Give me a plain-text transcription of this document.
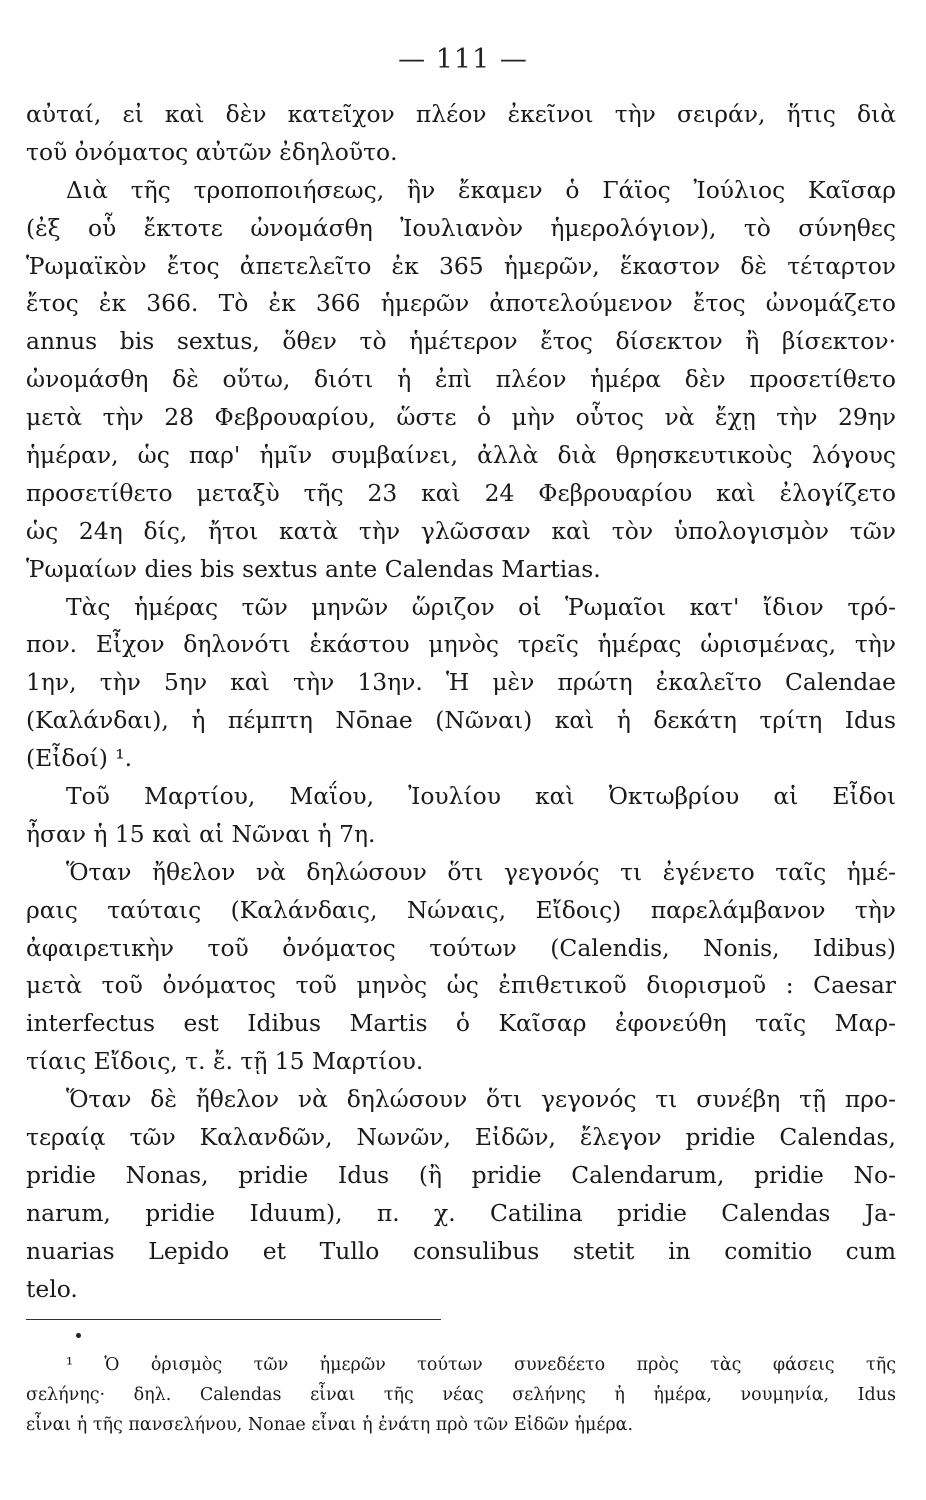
— 111 —
αὐταί, εἰ καὶ δὲν κατεῖχον πλέον ἐκεῖνοι τὴν σειράν, ἥτις διὰ
τοῦ ὀνόματος αὐτῶν ἐδηλοῦτο.
Διὰ τῆς τροποποιήσεως, ἣν ἔκαμεν ὁ Γάϊος Ἰούλιος Καῖσαρ
(ἐξ οὗ ἔκτοτε ὠνομάσθη Ἰουλιανὸν ἡμερολόγιον), τὸ σύνηθες
Ῥωμαϊκὸν ἔτος ἀπετελεῖτο ἐκ 365 ἡμερῶν, ἕκαστον δὲ τέταρτον
ἔτος ἐκ 366. Τὸ ἐκ 366 ἡμερῶν ἀποτελούμενον ἔτος ὠνομάζετο
annus bis sextus, ὅθεν τὸ ἡμέτερον ἔτος δίσεκτον ἢ βίσεκτον·
ὠνομάσθη δὲ οὕτω, διότι ἡ ἐπὶ πλέον ἡμέρα δὲν προσετίθετο
μετὰ τὴν 28 Φεβρουαρίου, ὥστε ὁ μὴν οὗτος νὰ ἔχῃ τὴν 29ην
ἡμέραν, ὡς παρ' ἡμῖν συμβαίνει, ἀλλὰ διὰ θρησκευτικοὺς λόγους
προσετίθετο μεταξὺ τῆς 23 καὶ 24 Φεβρουαρίου καὶ ἐλογίζετο
ὡς 24η δίς, ἤτοι κατὰ τὴν γλῶσσαν καὶ τὸν ὑπολογισμὸν τῶν
Ῥωμαίων dies bis sextus ante Calendas Martias.
Τὰς ἡμέρας τῶν μηνῶν ὥριζον οἱ Ῥωμαῖοι κατ' ἴδιον τρό-
πον. Εἶχον δηλονότι ἑκάστου μηνὸς τρεῖς ἡμέρας ὡρισμένας, τὴν
1ην, τὴν 5ην καὶ τὴν 13ην. Ἡ μὲν πρώτη ἐκαλεῖτο Calendae
(Καλάνδαι), ἡ πέμπτη Nōnae (Νῶναι) καὶ ἡ δεκάτη τρίτη Idus
(Εἶδοί) ¹.
Τοῦ Μαρτίου, Μαΐου, Ἰουλίου καὶ Ὀκτωβρίου αἱ Εἶδοι
ἦσαν ἡ 15 καὶ αἱ Νῶναι ἡ 7η.
Ὅταν ἤθελον νὰ δηλώσουν ὅτι γεγονός τι ἐγένετο ταῖς ἡμέ-
ραις ταύταις (Καλάνδαις, Νώναις, Εἴδοις) παρελάμβανον τὴν
ἀφαιρετικὴν τοῦ ὀνόματος τούτων (Calendis, Nonis, Idibus)
μετὰ τοῦ ὀνόματος τοῦ μηνὸς ὡς ἐπιθετικοῦ διορισμοῦ : Caesar
interfectus est Idibus Martis ὁ Καῖσαρ ἐφονεύθη ταῖς Μαρ-
τίαις Εἴδοις, τ. ἔ. τῇ 15 Μαρτίου.
Ὅταν δὲ ἤθελον νὰ δηλώσουν ὅτι γεγονός τι συνέβη τῇ προ-
τεραίᾳ τῶν Καλανδῶν, Νωνῶν, Εἰδῶν, ἔλεγον pridie Calendas,
pridie Nonas, pridie Idus (ἢ pridie Calendarum, pridie No-
narum, pridie Iduum), π. χ. Catilina pridie Calendas Ja-
nuarias Lepido et Tullo consulibus stetit in comitio cum
telo.
¹ Ὁ ὁρισμὸς τῶν ἡμερῶν τούτων συνεδέετο πρὸς τὰς φάσεις τῆς
σελήνης· δηλ. Calendas εἶναι τῆς νέας σελήνης ἡ ἡμέρα, νουμηνία, Idus
εἶναι ἡ τῆς πανσελήνου, Nonae εἶναι ἡ ἐνάτη πρὸ τῶν Εἰδῶν ἡμέρα.
